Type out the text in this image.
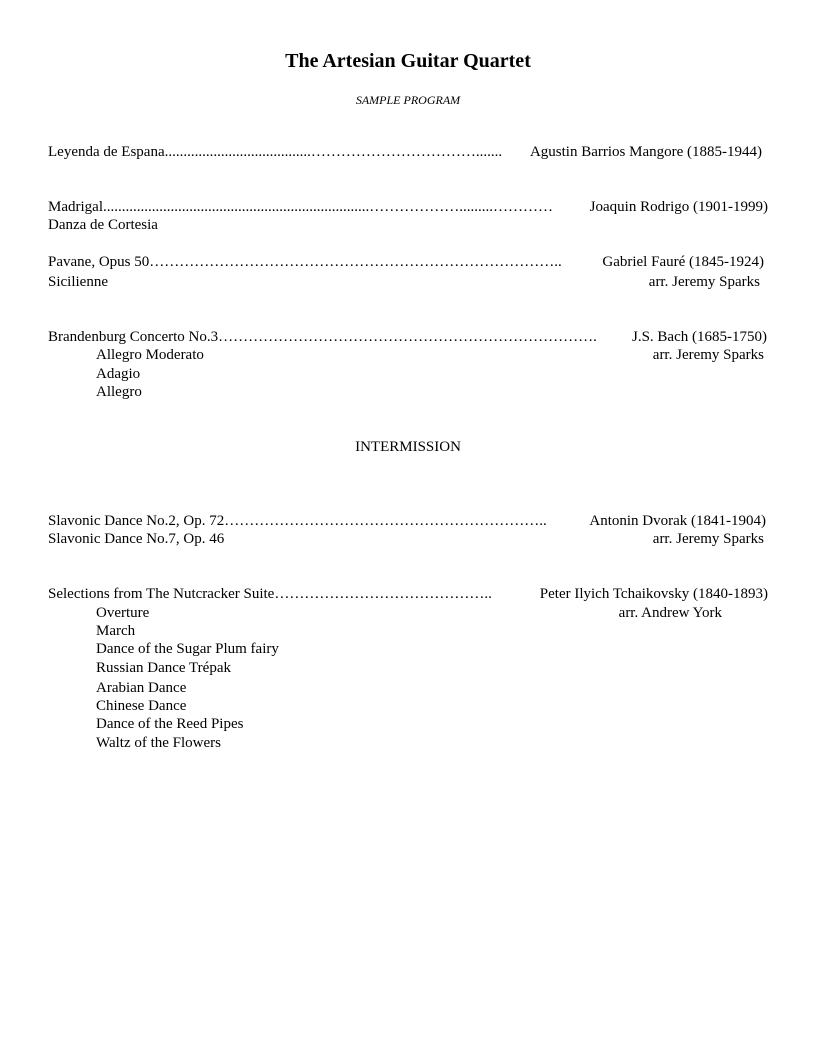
The Artesian Guitar Quartet
SAMPLE PROGRAM
Leyenda de Espana .......................................…………………………….......	Agustin Barrios Mangore (1885-1944)
Madrigal .......................................................................……………….........…………	Joaquin Rodrigo (1901-1999)
Danza de Cortesia
Pavane, Opus 50 ………………………………………………………………………..	Gabriel Fauré (1845-1924)
Sicilienne	arr. Jeremy Sparks
Brandenburg Concerto No.3 ………………………………………………………………….	J.S. Bach (1685-1750)
Allegro Moderato	arr. Jeremy Sparks
Adagio
Allegro
INTERMISSION
Slavonic Dance No.2, Op. 72 ………………………………………………………..	Antonin Dvorak (1841-1904)
Slavonic Dance No.7, Op. 46	arr. Jeremy Sparks
Selections from The Nutcracker Suite ……………………………………..	Peter Ilyich Tchaikovsky (1840-1893)
Overture	arr. Andrew York
March
Dance of the Sugar Plum fairy
Russian Dance Trépak
Arabian Dance
Chinese Dance
Dance of the Reed Pipes
Waltz of the Flowers
